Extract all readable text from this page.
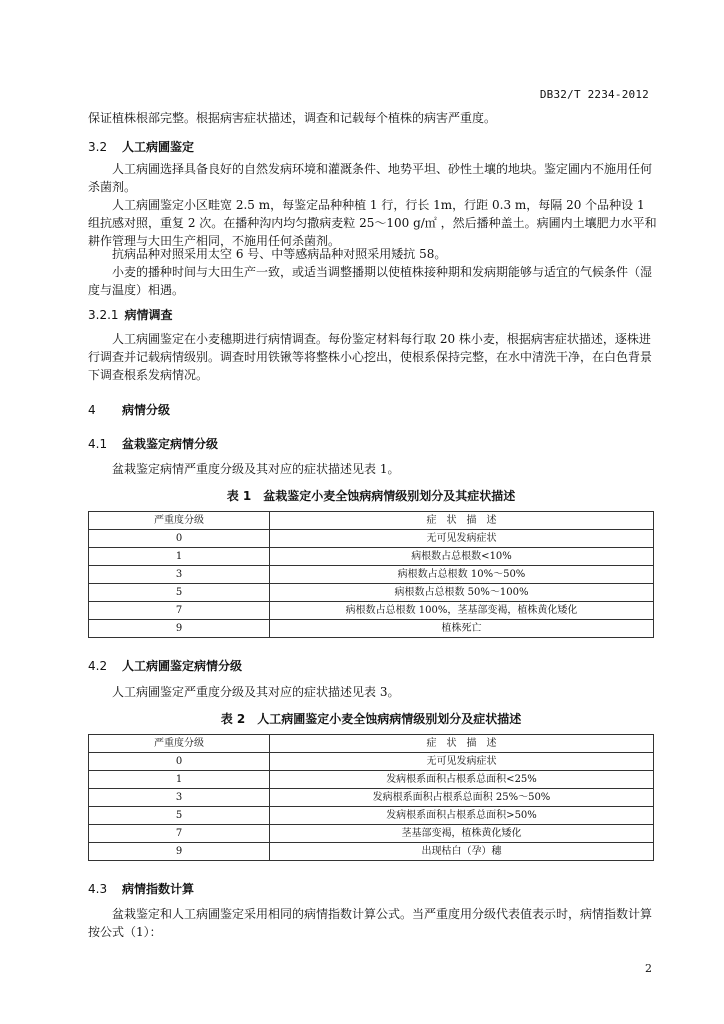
DB32/T 2234-2012
保证植株根部完整。根据病害症状描述，调查和记载每个植株的病害严重度。
3.2 人工病圃鉴定
人工病圃选择具备良好的自然发病环境和灌溉条件、地势平坦、砂性土壤的地块。鉴定圃内不施用任何杀菌剂。
人工病圃鉴定小区畦宽 2.5 m，每鉴定品种种植 1 行，行长 1m，行距 0.3 m，每隔 20 个品种设 1 组抗感对照，重复 2 次。在播种沟内均匀撒病麦粒 25～100 g/㎡ ，然后播种盖土。病圃内土壤肥力水平和耕作管理与大田生产相同，不施用任何杀菌剂。
抗病品种对照采用太空 6 号、中等感病品种对照采用矮抗 58。
小麦的播种时间与大田生产一致，或适当调整播期以使植株接种期和发病期能够与适宜的气候条件（湿度与温度）相遇。
3.2.1 病情调查
人工病圃鉴定在小麦穗期进行病情调查。每份鉴定材料每行取 20 株小麦，根据病害症状描述，逐株进行调查并记载病情级别。调查时用铁锹等将整株小心挖出，使根系保持完整，在水中清洗干净，在白色背景下调查根系发病情况。
4 病情分级
4.1 盆栽鉴定病情分级
盆栽鉴定病情严重度分级及其对应的症状描述见表 1。
表 1　盆栽鉴定小麦全蚀病病情级别划分及其症状描述
严重度分级	症　状　描　述
0	无可见发病症状
1	病根数占总根数<10%
3	病根数占总根数 10%～50%
5	病根数占总根数 50%～100%
7	病根数占总根数 100%，茎基部变褐，植株黄化矮化
9	植株死亡
4.2 人工病圃鉴定病情分级
人工病圃鉴定严重度分级及其对应的症状描述见表 3。
表 2　人工病圃鉴定小麦全蚀病病情级别划分及症状描述
严重度分级	症　状　描　述
0	无可见发病症状
1	发病根系面积占根系总面积<25%
3	发病根系面积占根系总面积 25%～50%
5	发病根系面积占根系总面积>50%
7	茎基部变褐，植株黄化矮化
9	出现枯白（孕）穗
4.3 病情指数计算
盆栽鉴定和人工病圃鉴定采用相同的病情指数计算公式。当严重度用分级代表值表示时，病情指数计算按公式（1）：
2
